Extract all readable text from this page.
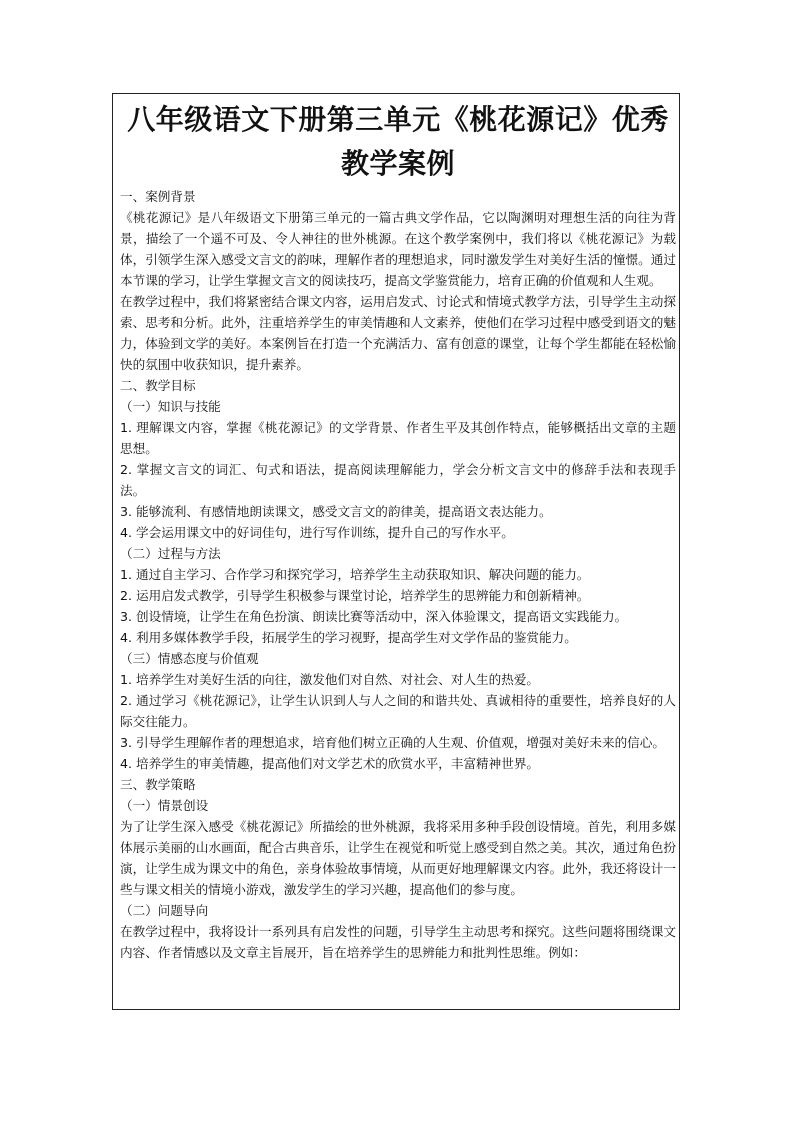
八年级语文下册第三单元《桃花源记》优秀教学案例

一、案例背景

《桃花源记》是八年级语文下册第三单元的一篇古典文学作品，它以陶渊明对理想生活的向往为背景，描绘了一个遥不可及、令人神往的世外桃源。在这个教学案例中，我们将以《桃花源记》为载体，引领学生深入感受文言文的韵味，理解作者的理想追求，同时激发学生对美好生活的憧憬。通过本节课的学习，让学生掌握文言文的阅读技巧，提高文学鉴赏能力，培育正确的价值观和人生观。

在教学过程中，我们将紧密结合课文内容，运用启发式、讨论式和情境式教学方法，引导学生主动探索、思考和分析。此外，注重培养学生的审美情趣和人文素养，使他们在学习过程中感受到语文的魅力，体验到文学的美好。本案例旨在打造一个充满活力、富有创意的课堂，让每个学生都能在轻松愉快的氛围中收获知识，提升素养。

二、教学目标

（一）知识与技能

1. 理解课文内容，掌握《桃花源记》的文学背景、作者生平及其创作特点，能够概括出文章的主题思想。

2. 掌握文言文的词汇、句式和语法，提高阅读理解能力，学会分析文言文中的修辞手法和表现手法。

3. 能够流利、有感情地朗读课文，感受文言文的韵律美，提高语文表达能力。

4. 学会运用课文中的好词佳句，进行写作训练，提升自己的写作水平。

（二）过程与方法

1. 通过自主学习、合作学习和探究学习，培养学生主动获取知识、解决问题的能力。

2. 运用启发式教学，引导学生积极参与课堂讨论，培养学生的思辨能力和创新精神。

3. 创设情境，让学生在角色扮演、朗读比赛等活动中，深入体验课文，提高语文实践能力。

4. 利用多媒体教学手段，拓展学生的学习视野，提高学生对文学作品的鉴赏能力。

（三）情感态度与价值观

1. 培养学生对美好生活的向往，激发他们对自然、对社会、对人生的热爱。

2. 通过学习《桃花源记》，让学生认识到人与人之间的和谐共处、真诚相待的重要性，培养良好的人际交往能力。

3. 引导学生理解作者的理想追求，培育他们树立正确的人生观、价值观，增强对美好未来的信心。

4. 培养学生的审美情趣，提高他们对文学艺术的欣赏水平，丰富精神世界。

三、教学策略

（一）情景创设

为了让学生深入感受《桃花源记》所描绘的世外桃源，我将采用多种手段创设情境。首先，利用多媒体展示美丽的山水画面，配合古典音乐，让学生在视觉和听觉上感受到自然之美。其次，通过角色扮演，让学生成为课文中的角色，亲身体验故事情境，从而更好地理解课文内容。此外，我还将设计一些与课文相关的情境小游戏，激发学生的学习兴趣，提高他们的参与度。

（二）问题导向

在教学过程中，我将设计一系列具有启发性的问题，引导学生主动思考和探究。这些问题将围绕课文内容、作者情感以及文章主旨展开，旨在培养学生的思辨能力和批判性思维。例如：
